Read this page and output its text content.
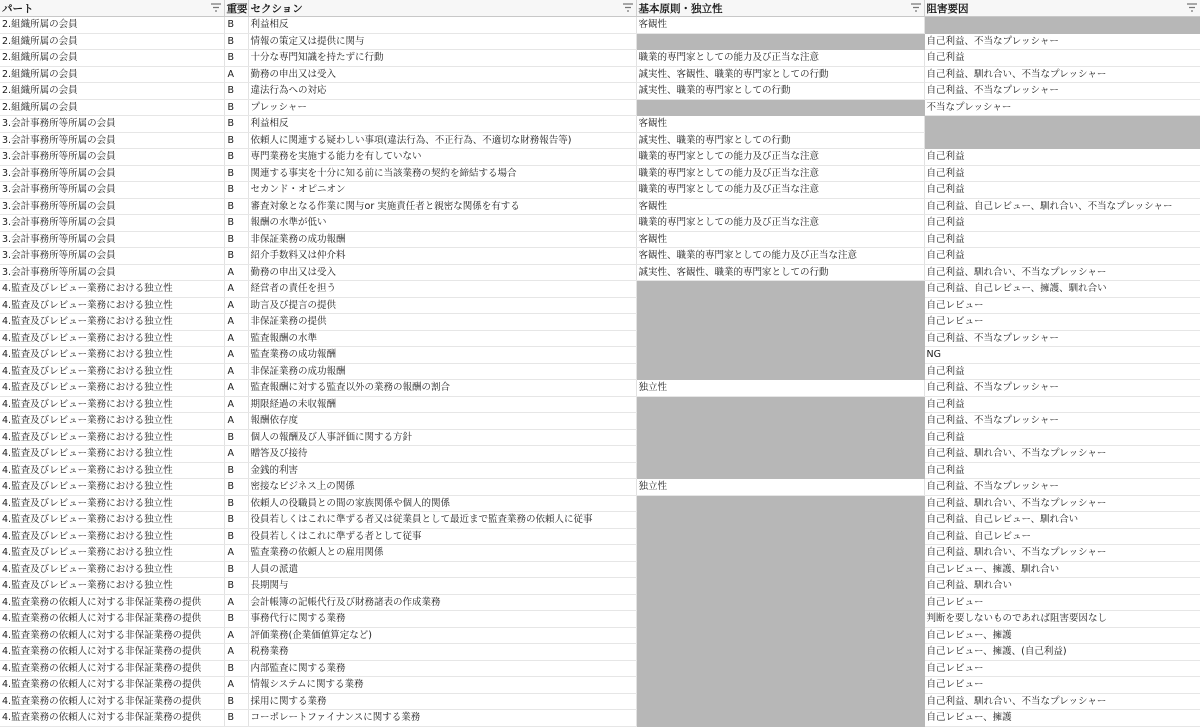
パート	重要	セクション	基本原則・独立性	阻害要因

2.組織所属の会員	B	利益相反	客観性	
2.組織所属の会員	B	情報の策定又は提供に関与		自己利益、不当なプレッシャー
2.組織所属の会員	B	十分な専門知識を持たずに行動	職業的専門家としての能力及び正当な注意	自己利益
2.組織所属の会員	A	勤務の申出又は受入	誠実性、客観性、職業的専門家としての行動	自己利益、馴れ合い、不当なプレッシャー
2.組織所属の会員	B	違法行為への対応	誠実性、職業的専門家としての行動	自己利益、不当なプレッシャー
2.組織所属の会員	B	プレッシャー		不当なプレッシャー
3.会計事務所等所属の会員	B	利益相反	客観性	
3.会計事務所等所属の会員	B	依頼人に関連する疑わしい事項(違法行為、不正行為、不適切な財務報告等)	誠実性、職業的専門家としての行動	
3.会計事務所等所属の会員	B	専門業務を実施する能力を有していない	職業的専門家としての能力及び正当な注意	自己利益
3.会計事務所等所属の会員	B	関連する事実を十分に知る前に当該業務の契約を締結する場合	職業的専門家としての能力及び正当な注意	自己利益
3.会計事務所等所属の会員	B	セカンド・オピニオン	職業的専門家としての能力及び正当な注意	自己利益
3.会計事務所等所属の会員	B	審査対象となる作業に関与or 実施責任者と親密な関係を有する	客観性	自己利益、自己レビュー、馴れ合い、不当なプレッシャー
3.会計事務所等所属の会員	B	報酬の水準が低い	職業的専門家としての能力及び正当な注意	自己利益
3.会計事務所等所属の会員	B	非保証業務の成功報酬	客観性	自己利益
3.会計事務所等所属の会員	B	紹介手数料又は仲介料	客観性、職業的専門家としての能力及び正当な注意	自己利益
3.会計事務所等所属の会員	A	勤務の申出又は受入	誠実性、客観性、職業的専門家としての行動	自己利益、馴れ合い、不当なプレッシャー
4.監査及びレビュー業務における独立性	A	経営者の責任を担う		自己利益、自己レビュー、擁護、馴れ合い
4.監査及びレビュー業務における独立性	A	助言及び提言の提供		自己レビュー
4.監査及びレビュー業務における独立性	A	非保証業務の提供		自己レビュー
4.監査及びレビュー業務における独立性	A	監査報酬の水準		自己利益、不当なプレッシャー
4.監査及びレビュー業務における独立性	A	監査業務の成功報酬		NG
4.監査及びレビュー業務における独立性	A	非保証業務の成功報酬		自己利益
4.監査及びレビュー業務における独立性	A	監査報酬に対する監査以外の業務の報酬の割合	独立性	自己利益、不当なプレッシャー
4.監査及びレビュー業務における独立性	A	期限経過の未収報酬		自己利益
4.監査及びレビュー業務における独立性	A	報酬依存度		自己利益、不当なプレッシャー
4.監査及びレビュー業務における独立性	B	個人の報酬及び人事評価に関する方針		自己利益
4.監査及びレビュー業務における独立性	A	贈答及び接待		自己利益、馴れ合い、不当なプレッシャー
4.監査及びレビュー業務における独立性	B	金銭的利害		自己利益
4.監査及びレビュー業務における独立性	B	密接なビジネス上の関係	独立性	自己利益、不当なプレッシャー
4.監査及びレビュー業務における独立性	B	依頼人の役職員との間の家族関係や個人的関係		自己利益、馴れ合い、不当なプレッシャー
4.監査及びレビュー業務における独立性	B	役員若しくはこれに準ずる者又は従業員として最近まで監査業務の依頼人に従事		自己利益、自己レビュー、馴れ合い
4.監査及びレビュー業務における独立性	B	役員若しくはこれに準ずる者として従事		自己利益、自己レビュー
4.監査及びレビュー業務における独立性	A	監査業務の依頼人との雇用関係		自己利益、馴れ合い、不当なプレッシャー
4.監査及びレビュー業務における独立性	B	人員の派遣		自己レビュー、擁護、馴れ合い
4.監査及びレビュー業務における独立性	B	長期関与		自己利益、馴れ合い
4.監査業務の依頼人に対する非保証業務の提供	A	会計帳簿の記帳代行及び財務諸表の作成業務		自己レビュー
4.監査業務の依頼人に対する非保証業務の提供	B	事務代行に関する業務		判断を要しないものであれば阻害要因なし
4.監査業務の依頼人に対する非保証業務の提供	A	評価業務(企業価値算定など)		自己レビュー、擁護
4.監査業務の依頼人に対する非保証業務の提供	A	税務業務		自己レビュー、擁護、(自己利益)
4.監査業務の依頼人に対する非保証業務の提供	B	内部監査に関する業務		自己レビュー
4.監査業務の依頼人に対する非保証業務の提供	A	情報システムに関する業務		自己レビュー
4.監査業務の依頼人に対する非保証業務の提供	B	採用に関する業務		自己利益、馴れ合い、不当なプレッシャー
4.監査業務の依頼人に対する非保証業務の提供	B	コーポレートファイナンスに関する業務		自己レビュー、擁護
